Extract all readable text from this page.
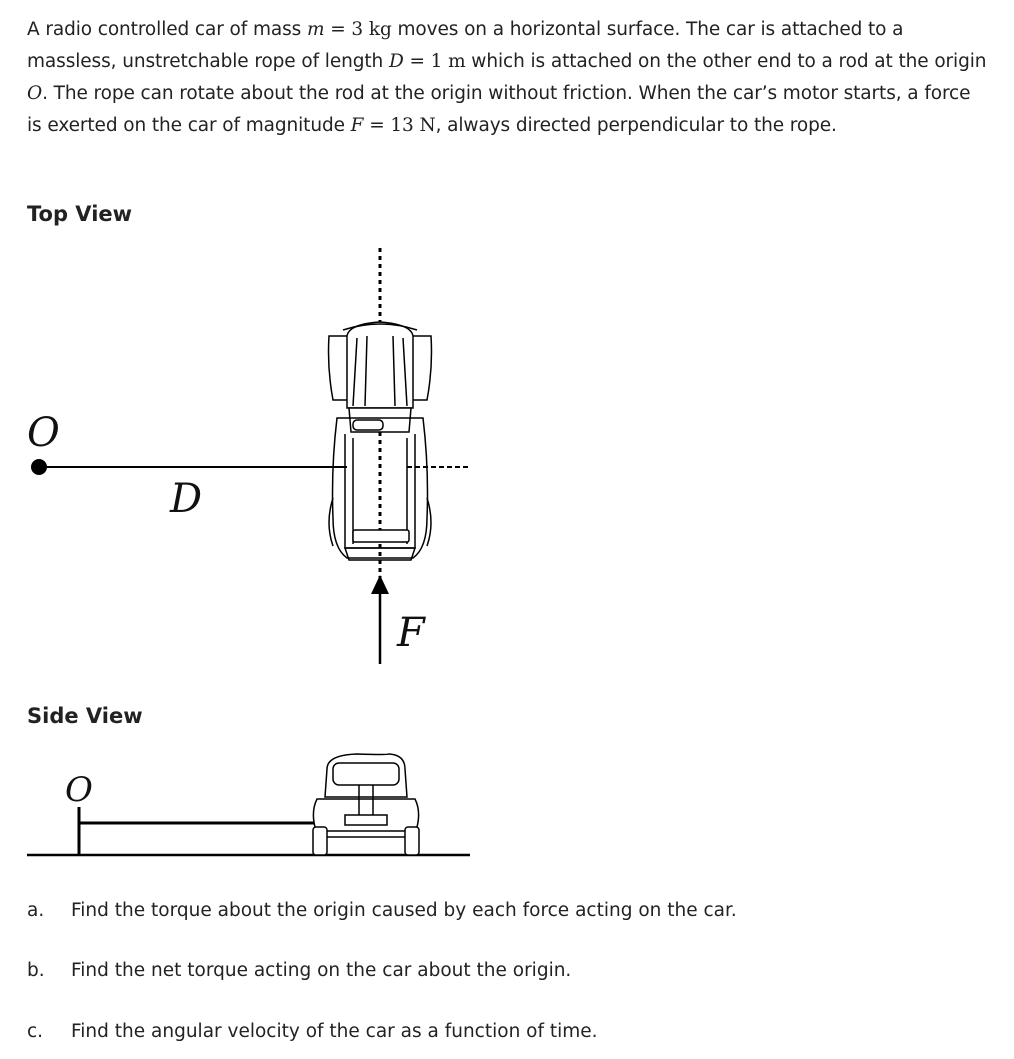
A radio controlled car of mass m = 3 kg moves on a horizontal surface. The car is attached to a massless, unstretchable rope of length D = 1 m which is attached on the other end to a rod at the origin O. The rope can rotate about the rod at the origin without friction. When the car’s motor starts, a force is exerted on the car of magnitude F = 13 N, always directed perpendicular to the rope.
Top View
O
D
F
Side View
O
a.	Find the torque about the origin caused by each force acting on the car.
b.	Find the net torque acting on the car about the origin.
c.	Find the angular velocity of the car as a function of time.
